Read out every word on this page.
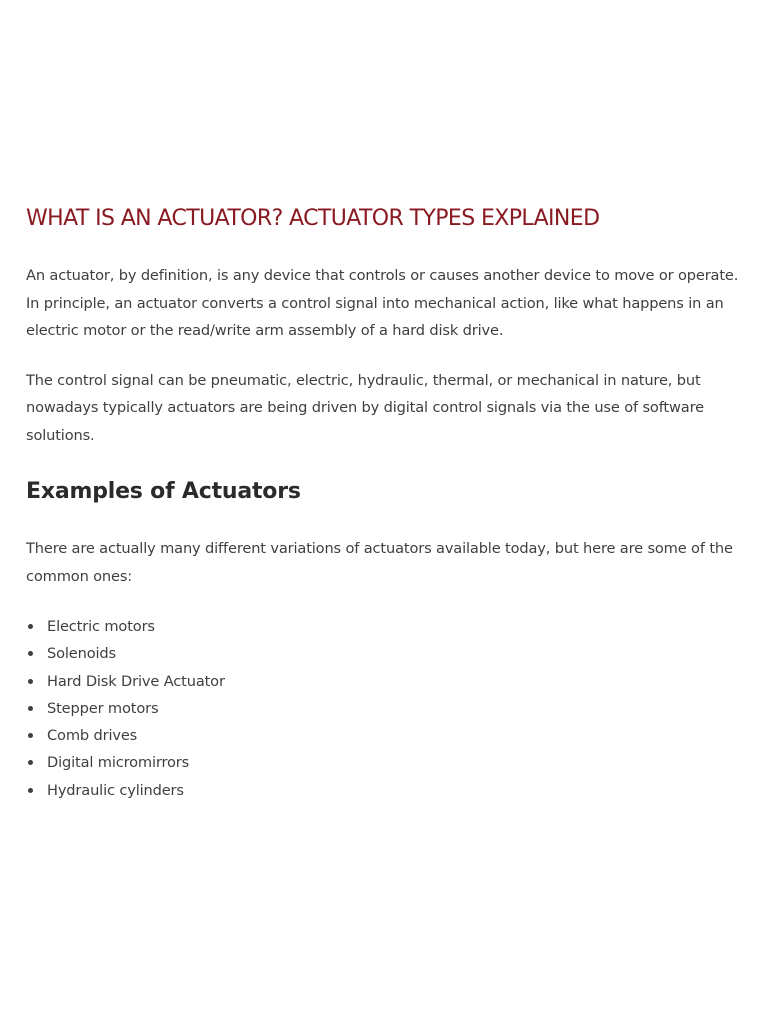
WHAT IS AN ACTUATOR? ACTUATOR TYPES EXPLAINED

An actuator, by definition, is any device that controls or causes another device to move or operate. In principle, an actuator converts a control signal into mechanical action, like what happens in an electric motor or the read/write arm assembly of a hard disk drive.

The control signal can be pneumatic, electric, hydraulic, thermal, or mechanical in nature, but nowadays typically actuators are being driven by digital control signals via the use of software solutions.

Examples of Actuators

There are actually many different variations of actuators available today, but here are some of the common ones:

Electric motors
Solenoids
Hard Disk Drive Actuator
Stepper motors
Comb drives
Digital micromirrors
Hydraulic cylinders
